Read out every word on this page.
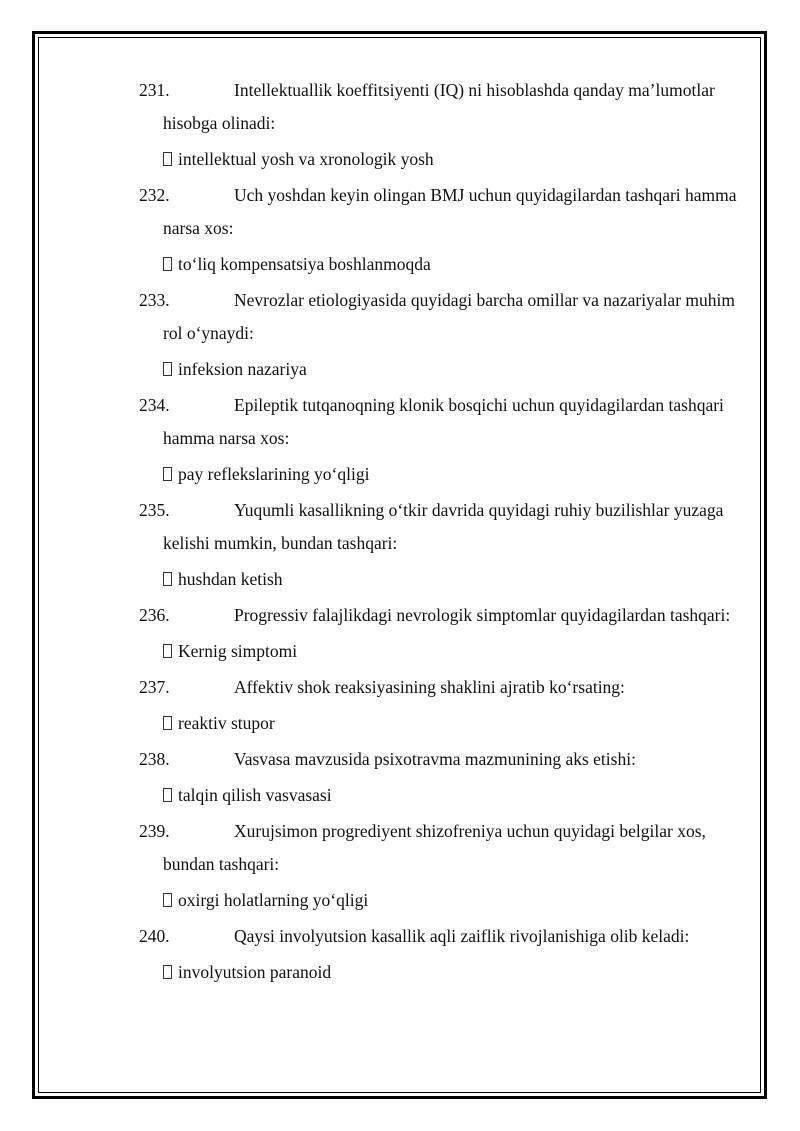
231.	Intellektuallik koeffitsiyenti (IQ) ni hisoblashda qanday ma’lumotlar hisobga olinadi:
intellektual yosh va xronologik yosh
232.	Uch yoshdan keyin olingan BMJ uchun quyidagilardan tashqari hamma narsa xos:
to‘liq kompensatsiya boshlanmoqda
233.	Nevrozlar etiologiyasida quyidagi barcha omillar va nazariyalar muhim rol o‘ynaydi:
infeksion nazariya
234.	Epileptik tutqanoqning klonik bosqichi uchun quyidagilardan tashqari hamma narsa xos:
pay reflekslarining yo‘qligi
235.	Yuqumli kasallikning o‘tkir davrida quyidagi ruhiy buzilishlar yuzaga kelishi mumkin, bundan tashqari:
hushdan ketish
236.	Progressiv falajlikdagi nevrologik simptomlar quyidagilardan tashqari:
Kernig simptomi
237.	Affektiv shok reaksiyasining shaklini ajratib ko‘rsating:
reaktiv stupor
238.	Vasvasa mavzusida psixotravma mazmunining aks etishi:
talqin qilish vasvasasi
239.	Xurujsimon progrediyent shizofreniya uchun quyidagi belgilar xos, bundan tashqari:
oxirgi holatlarning yo‘qligi
240.	Qaysi involyutsion kasallik aqli zaiflik rivojlanishiga olib keladi:
involyutsion paranoid
